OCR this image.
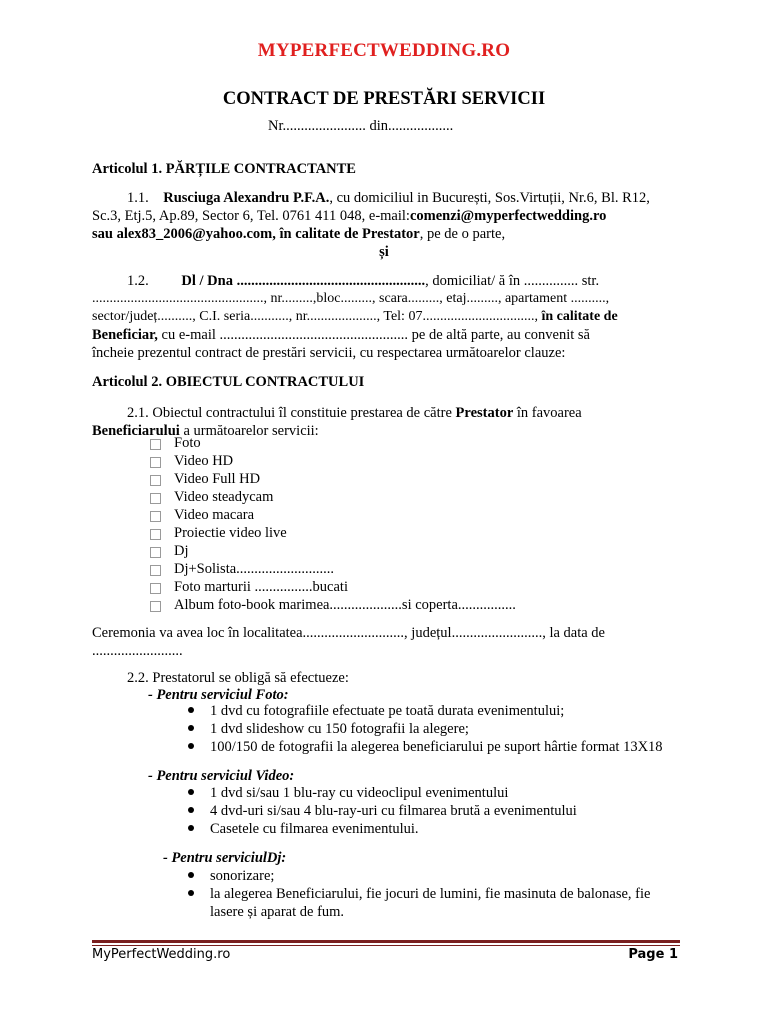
MYPERFECTWEDDING.RO
CONTRACT DE PRESTĂRI SERVICII
Nr....................... din..................
Articolul 1. PĂRȚILE CONTRACTANTE
1.1. Rusciuga Alexandru P.F.A., cu domiciliul in București, Sos.Virtuții, Nr.6, Bl. R12,
Sc.3, Etj.5, Ap.89, Sector 6, Tel. 0761 411 048, e-mail:comenzi@myperfectwedding.ro
sau alex83_2006@yahoo.com, în calitate de Prestator, pe de o parte,
și
1.2. Dl / Dna ...................................................., domiciliat/ ă în ............... str.
................................................., nr.........,bloc........., scara........., etaj........., apartament ..........,
sector/județ.........., C.I. seria..........., nr...................., Tel: 07................................, în calitate de
Beneficiar, cu e-mail .................................................... pe de altă parte, au convenit să
încheie prezentul contract de prestări servicii, cu respectarea următoarelor clauze:
Articolul 2. OBIECTUL CONTRACTULUI
2.1. Obiectul contractului îl constituie prestarea de către Prestator în favoarea
Beneficiarului a următoarelor servicii:
Foto
Video HD
Video Full HD
Video steadycam
Video macara
Proiectie video live
Dj
Dj+Solista...........................
Foto marturii ................bucati
Album foto-book marimea....................si coperta................
Ceremonia va avea loc în localitatea............................, județul........................., la data de
.........................
2.2. Prestatorul se obligă să efectueze:
- Pentru serviciul Foto:
1 dvd cu fotografiile efectuate pe toată durata evenimentului;
1 dvd slideshow cu 150 fotografii la alegere;
100/150 de fotografii la alegerea beneficiarului pe suport hârtie format 13X18
- Pentru serviciul Video:
1 dvd si/sau 1 blu-ray cu videoclipul evenimentului
4 dvd-uri si/sau 4 blu-ray-uri cu filmarea brută a evenimentului
Casetele cu filmarea evenimentului.
- Pentru serviciulDj:
sonorizare;
la alegerea Beneficiarului, fie jocuri de lumini, fie masinuta de balonase, fie
lasere și aparat de fum.
MyPerfectWedding.ro	Page 1
